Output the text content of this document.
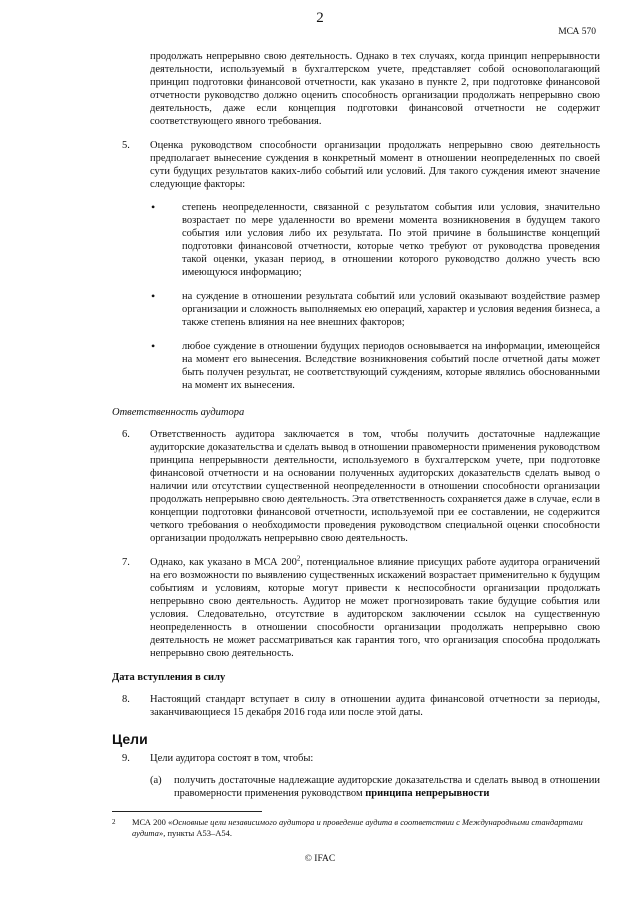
2
МСА 570
продолжать непрерывно свою деятельность. Однако в тех случаях, когда принцип непрерывности деятельности, используемый в бухгалтерском учете, представляет собой основополагающий принцип подготовки финансовой отчетности, как указано в пункте 2, при подготовке финансовой отчетности руководство должно оценить способность организации продолжать непрерывно свою деятельность, даже если концепция подготовки финансовой отчетности не содержит соответствующего явного требования.
5.	Оценка руководством способности организации продолжать непрерывно свою деятельность предполагает вынесение суждения в конкретный момент в отношении неопределенных по своей сути будущих результатов каких-либо событий или условий. Для такого суждения имеют значение следующие факторы:
•	степень неопределенности, связанной с результатом события или условия, значительно возрастает по мере удаленности во времени момента возникновения в будущем такого события или условия либо их результата. По этой причине в большинстве концепций подготовки финансовой отчетности, которые четко требуют от руководства проведения такой оценки, указан период, в отношении которого руководство должно учесть всю имеющуюся информацию;
•	на суждение в отношении результата событий или условий оказывают воздействие размер организации и сложность выполняемых ею операций, характер и условия ведения бизнеса, а также степень влияния на нее внешних факторов;
•	любое суждение в отношении будущих периодов основывается на информации, имеющейся на момент его вынесения. Вследствие возникновения событий после отчетной даты может быть получен результат, не соответствующий суждениям, которые являлись обоснованными на момент их вынесения.
Ответственность аудитора
6.	Ответственность аудитора заключается в том, чтобы получить достаточные надлежащие аудиторские доказательства и сделать вывод в отношении правомерности применения руководством принципа непрерывности деятельности, используемого в бухгалтерском учете, при подготовке финансовой отчетности и на основании полученных аудиторских доказательств сделать вывод о наличии или отсутствии существенной неопределенности в отношении способности организации продолжать непрерывно свою деятельность. Эта ответственность сохраняется даже в случае, если в концепции подготовки финансовой отчетности, используемой при ее составлении, не содержится четкого требования о необходимости проведения руководством специальной оценки способности организации продолжать непрерывно свою деятельность.
7.	Однако, как указано в МСА $200^2$, потенциальное влияние присущих работе аудитора ограничений на его возможности по выявлению существенных искажений возрастает применительно к будущим событиям и условиям, которые могут привести к неспособности организации продолжать непрерывно свою деятельность. Аудитор не может прогнозировать такие будущие события или условия. Следовательно, отсутствие в аудиторском заключении ссылок на существенную неопределенность в отношении способности организации продолжать непрерывно свою деятельность не может рассматриваться как гарантия того, что организация способна продолжать непрерывно свою деятельность.
Дата вступления в силу
8.	Настоящий стандарт вступает в силу в отношении аудита финансовой отчетности за периоды, заканчивающиеся 15 декабря 2016 года или после этой даты.
Цели
9.	Цели аудитора состоят в том, чтобы:
(a)	получить достаточные надлежащие аудиторские доказательства и сделать вывод в отношении правомерности применения руководством принципа непрерывности
2	МСА 200 «Основные цели независимого аудитора и проведение аудита в соответствии с Международными стандартами аудита», пункты А53–А54.
© IFAC
